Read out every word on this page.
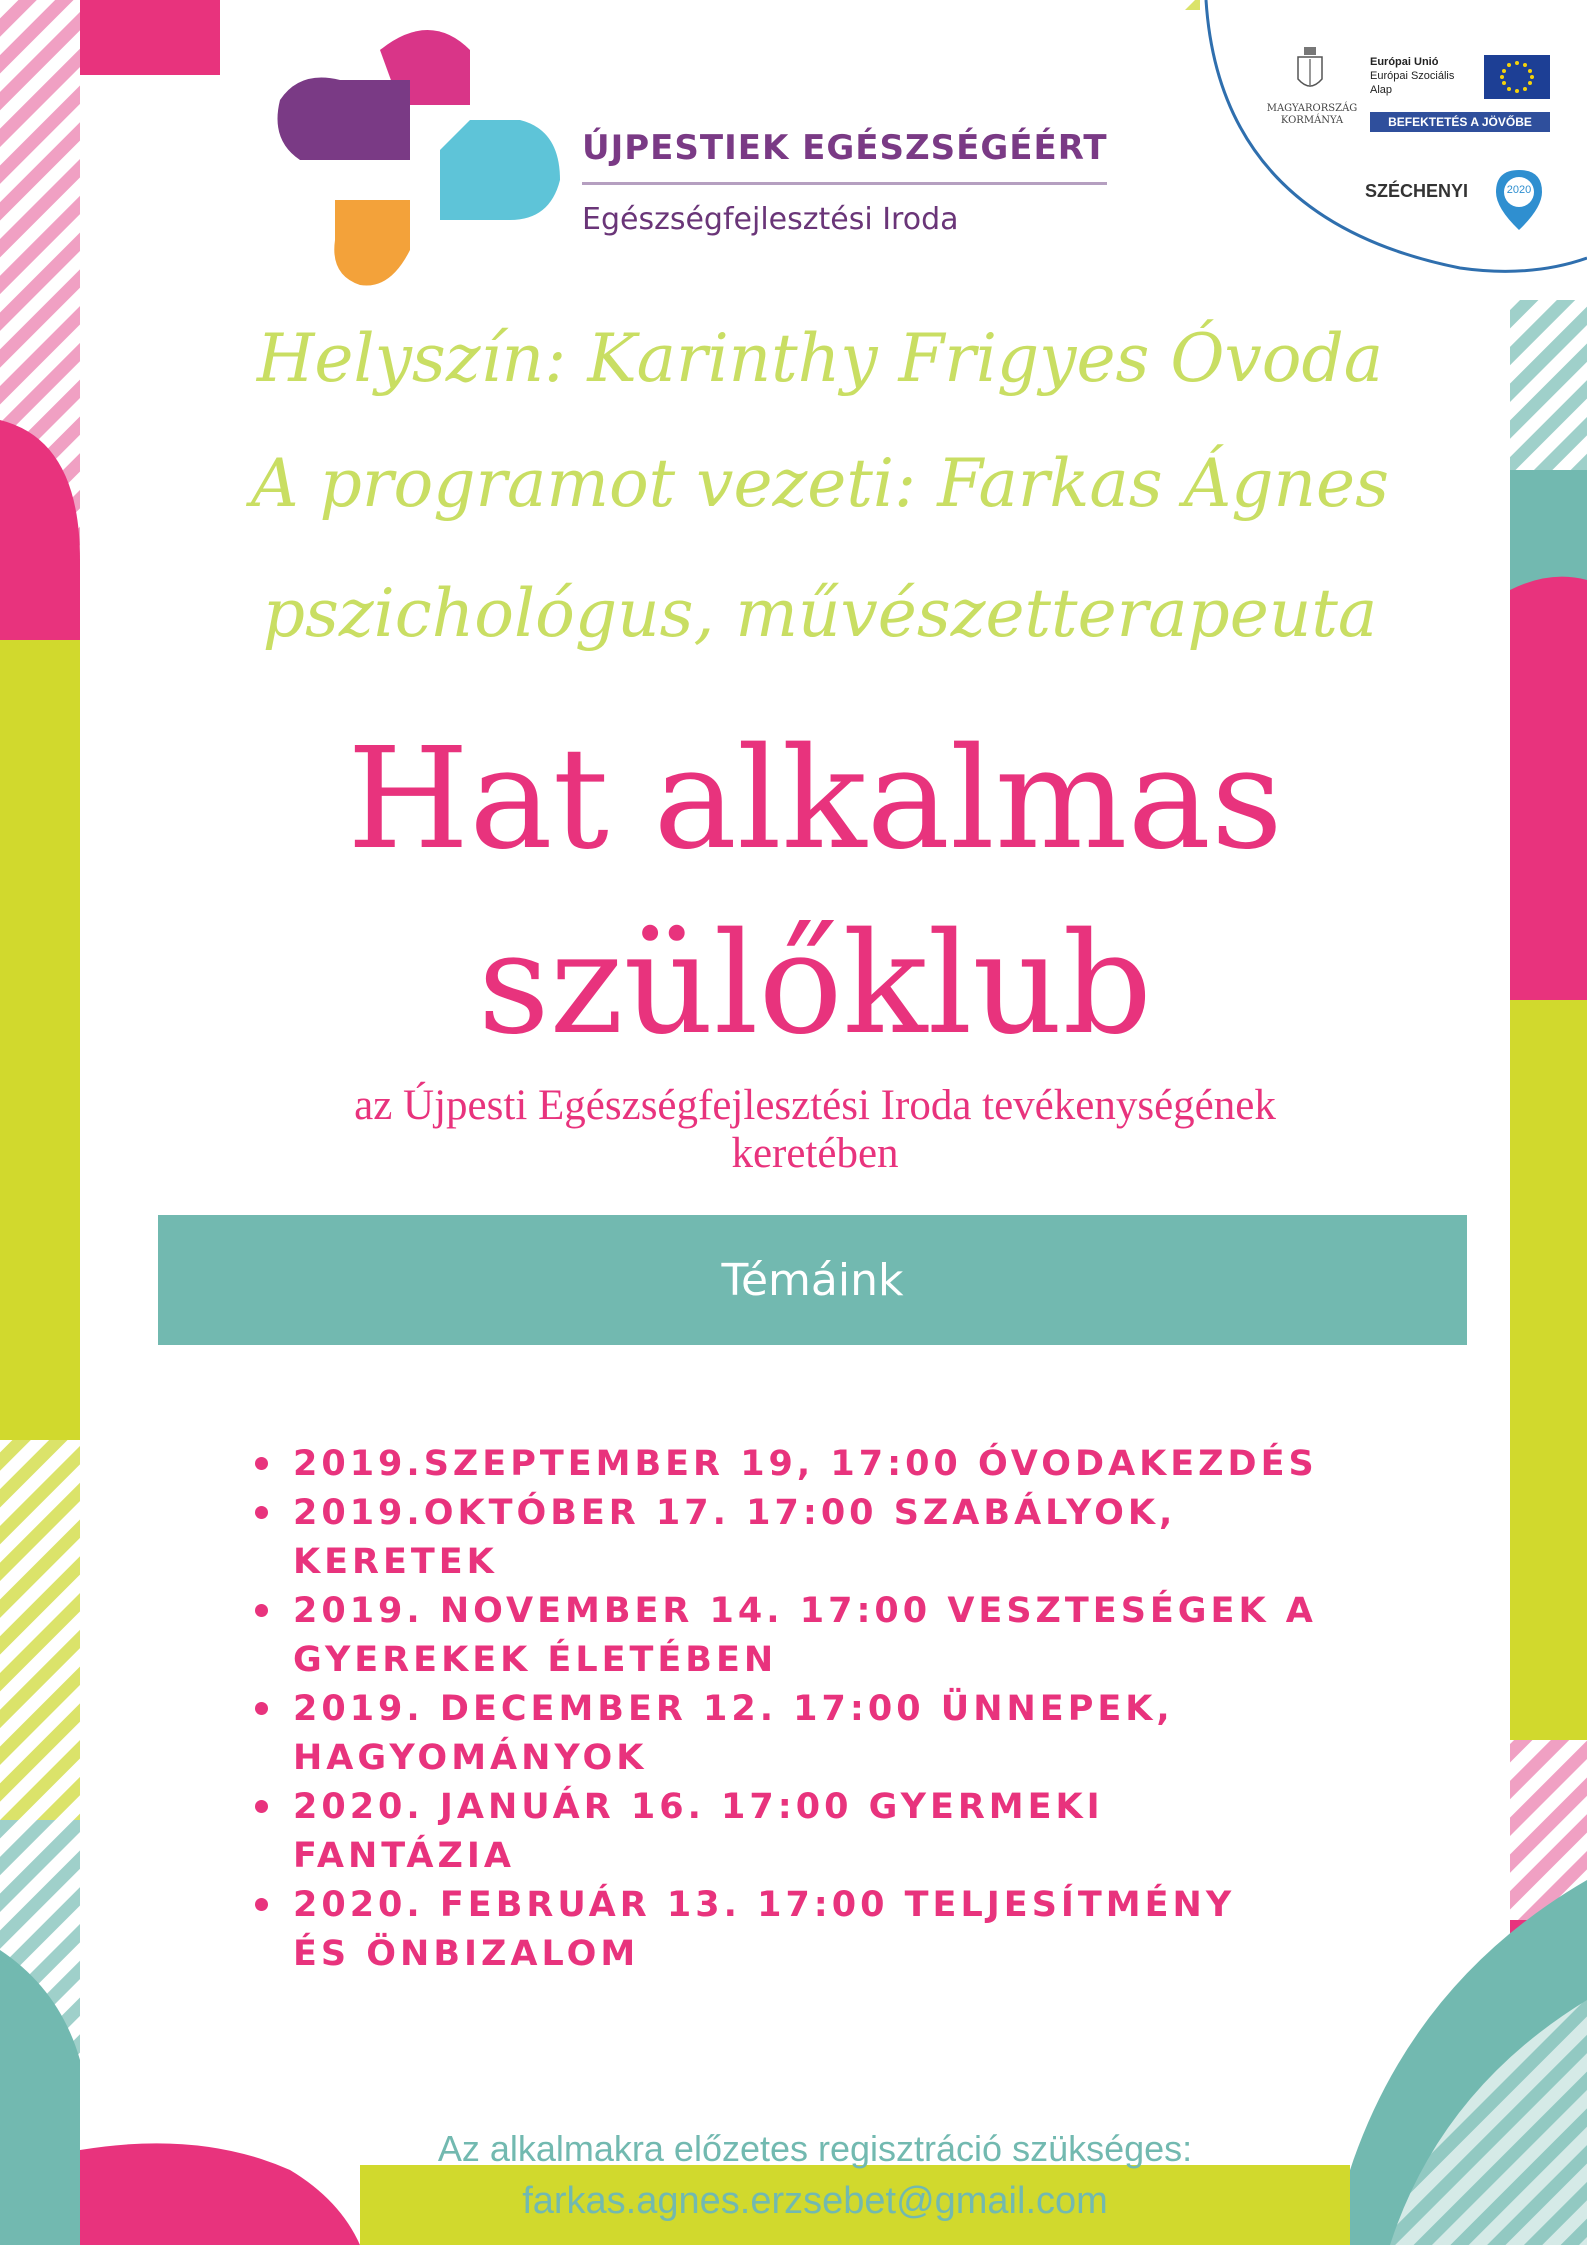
ÚJPESTIEK EGÉSZSÉGÉÉRT
Egészségfejlesztési Iroda
MAGYARORSZÁG
KORMÁNYA
Európai Unió
Európai Szociális
Alap
BEFEKTETÉS A JÖVŐBE
SZÉCHENYI	2020
Helyszín: Karinthy Frigyes Óvoda
A programot vezeti: Farkas Ágnes
pszichológus, művészetterapeuta
Hat alkalmas
szülőklub
az Újpesti Egészségfejlesztési Iroda tevékenységének
keretében
Témáink
2019.SZEPTEMBER 19, 17:00 ÓVODAKEZDÉS
2019.OKTÓBER 17. 17:00 SZABÁLYOK,
KERETEK
2019. NOVEMBER 14. 17:00 VESZTESÉGEK A
GYEREKEK ÉLETÉBEN
2019. DECEMBER 12. 17:00 ÜNNEPEK,
HAGYOMÁNYOK
2020. JANUÁR 16. 17:00 GYERMEKI
FANTÁZIA
2020. FEBRUÁR 13. 17:00 TELJESÍTMÉNY
ÉS ÖNBIZALOM
Az alkalmakra előzetes regisztráció szükséges:
farkas.agnes.erzsebet@gmail.com
